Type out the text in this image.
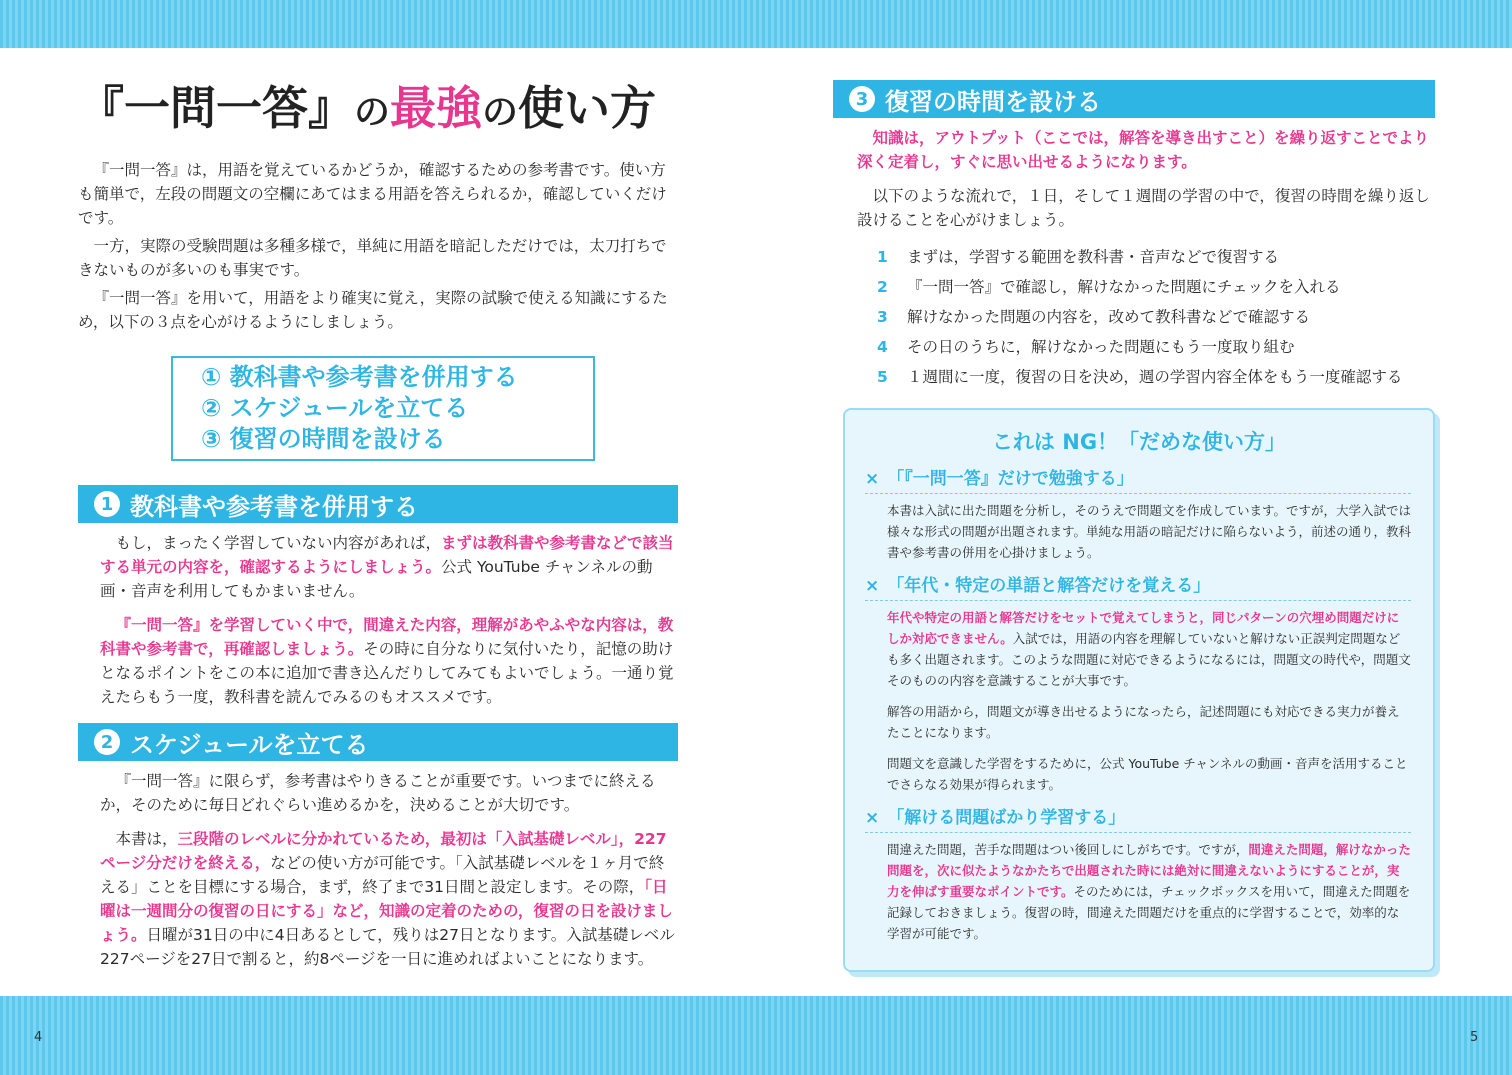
『一問一答』の最強の使い方

『一問一答』は，用語を覚えているかどうか，確認するための参考書です。使い方も簡単で，左段の問題文の空欄にあてはまる用語を答えられるか，確認していくだけです。

一方，実際の受験問題は多種多様で，単純に用語を暗記しただけでは，太刀打ちできないものが多いのも事実です。

『一問一答』を用いて，用語をより確実に覚え，実際の試験で使える知識にするため，以下の３点を心がけるようにしましょう。

① 教科書や参考書を併用する
② スケジュールを立てる
③ 復習の時間を設ける
1 教科書や参考書を併用する

もし，まったく学習していない内容があれば，まずは教科書や参考書などで該当する単元の内容を，確認するようにしましょう。公式 YouTube チャンネルの動画・音声を利用してもかまいません。

『一問一答』を学習していく中で，間違えた内容，理解があやふやな内容は，教科書や参考書で，再確認しましょう。その時に自分なりに気付いたり，記憶の助けとなるポイントをこの本に追加で書き込んだりしてみてもよいでしょう。一通り覚えたらもう一度，教科書を読んでみるのもオススメです。

2 スケジュールを立てる

『一問一答』に限らず，参考書はやりきることが重要です。いつまでに終えるか，そのために毎日どれぐらい進めるかを，決めることが大切です。

本書は，三段階のレベルに分かれているため，最初は「入試基礎レベル」，227ページ分だけを終える，などの使い方が可能です。「入試基礎レベルを１ヶ月で終える」ことを目標にする場合，まず，終了まで31日間と設定します。その際，「日曜は一週間分の復習の日にする」など，知識の定着のための，復習の日を設けましょう。日曜が31日の中に4日あるとして，残りは27日となります。入試基礎レベル227ページを27日で割ると，約8ページを一日に進めればよいことになります。

3 復習の時間を設ける

知識は，アウトプット（ここでは，解答を導き出すこと）を繰り返すことでより深く定着し，すぐに思い出せるようになります。

以下のような流れで，１日，そして１週間の学習の中で，復習の時間を繰り返し設けることを心がけましょう。

1	まずは，学習する範囲を教科書・音声などで復習する
2	『一問一答』で確認し，解けなかった問題にチェックを入れる
3	解けなかった問題の内容を，改めて教科書などで確認する
4	その日のうちに，解けなかった問題にもう一度取り組む
5	１週間に一度，復習の日を決め，週の学習内容全体をもう一度確認する
これは NG！「だめな使い方」
× 「『一問一答』だけで勉強する」

本書は入試に出た問題を分析し，そのうえで問題文を作成しています。ですが，大学入試では様々な形式の問題が出題されます。単純な用語の暗記だけに陥らないよう，前述の通り，教科書や参考書の併用を心掛けましょう。

× 「年代・特定の単語と解答だけを覚える」

年代や特定の用語と解答だけをセットで覚えてしまうと，同じパターンの穴埋め問題だけにしか対応できません。入試では，用語の内容を理解していないと解けない正誤判定問題なども多く出題されます。このような問題に対応できるようになるには，問題文の時代や，問題文そのものの内容を意識することが大事です。

解答の用語から，問題文が導き出せるようになったら，記述問題にも対応できる実力が養えたことになります。

問題文を意識した学習をするために，公式 YouTube チャンネルの動画・音声を活用することでさらなる効果が得られます。

× 「解ける問題ばかり学習する」

間違えた問題，苦手な問題はつい後回しにしがちです。ですが，間違えた問題，解けなかった問題を，次に似たようなかたちで出題された時には絶対に間違えないようにすることが，実力を伸ばす重要なポイントです。そのためには，チェックボックスを用いて，間違えた問題を記録しておきましょう。復習の時，間違えた問題だけを重点的に学習することで，効率的な学習が可能です。

4	5
